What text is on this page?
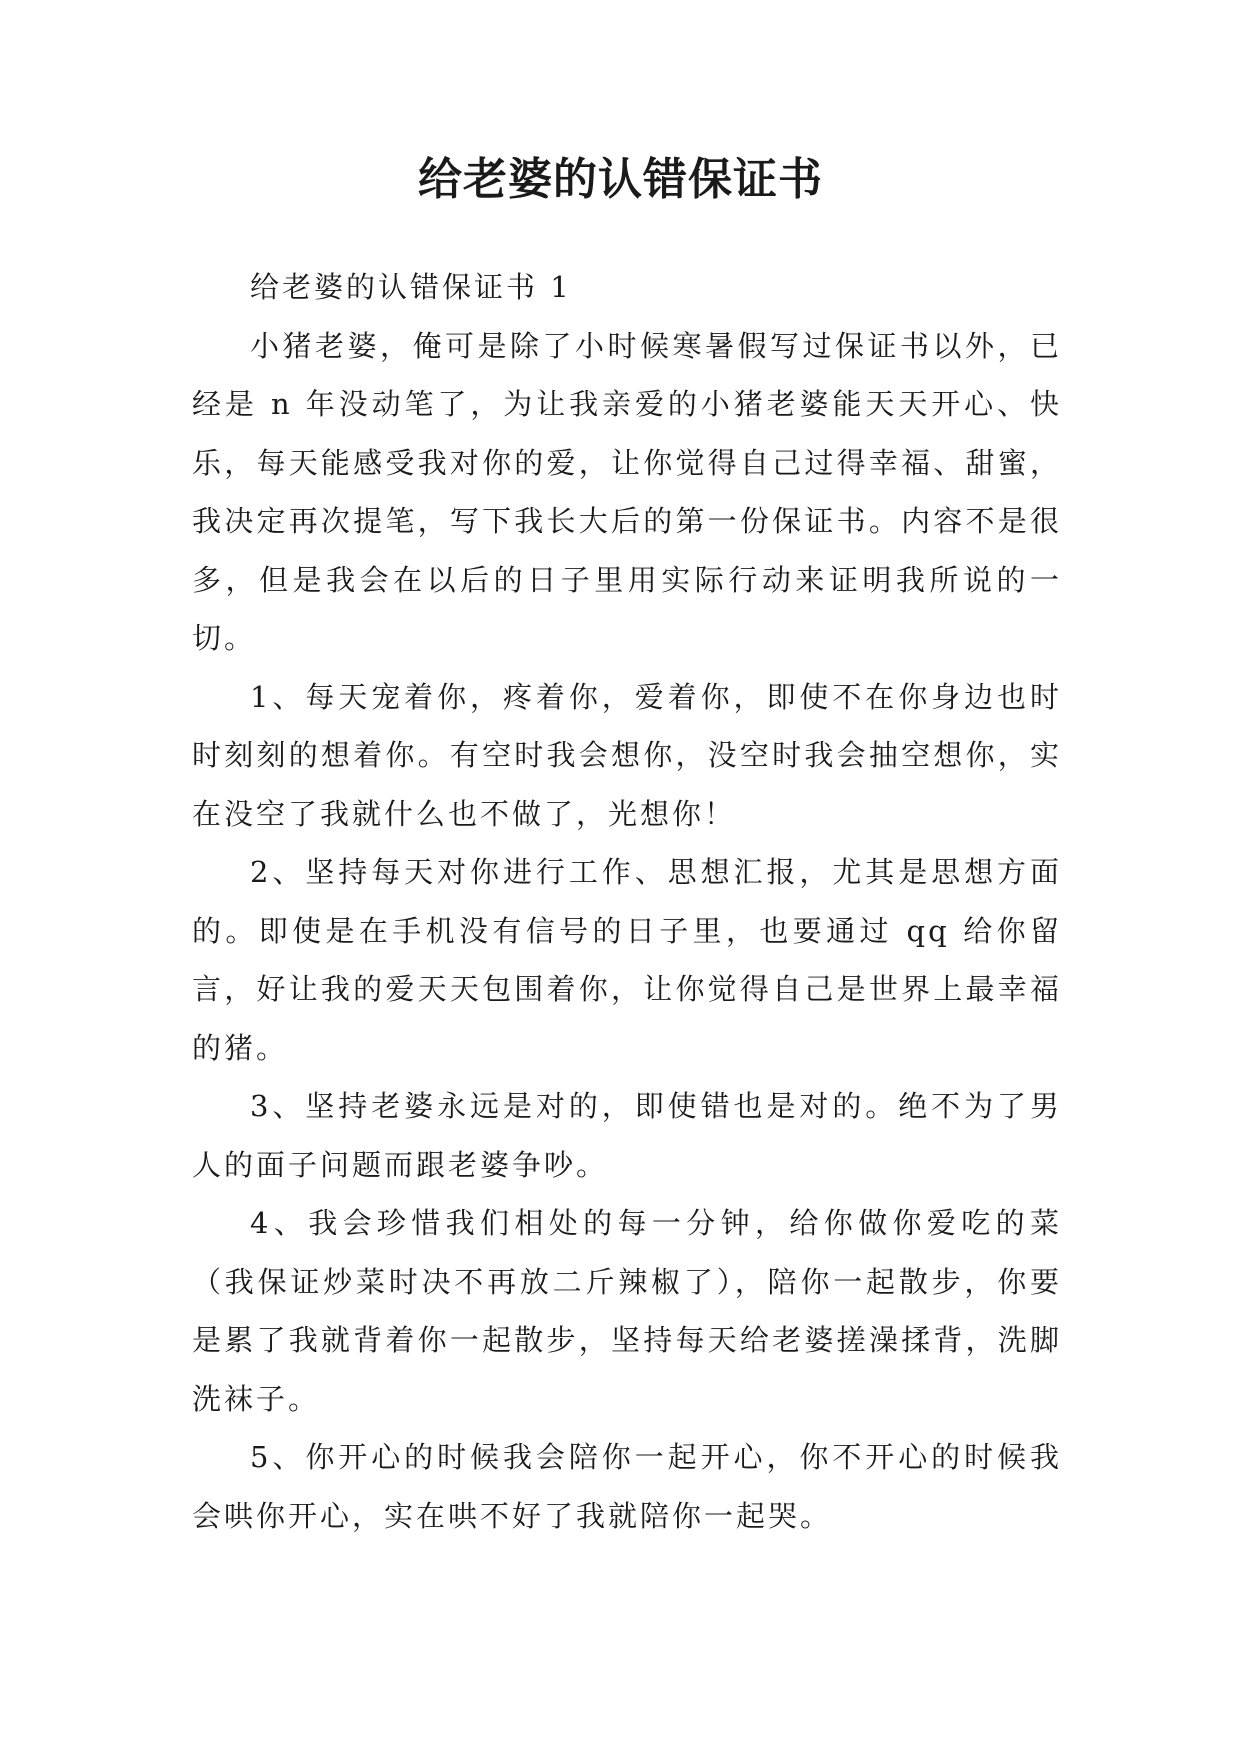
给老婆的认错保证书

给老婆的认错保证书 1

小猪老婆，俺可是除了小时候寒暑假写过保证书以外，已经是 n 年没动笔了，为让我亲爱的小猪老婆能天天开心、快乐，每天能感受我对你的爱，让你觉得自己过得幸福、甜蜜，我决定再次提笔，写下我长大后的第一份保证书。内容不是很多，但是我会在以后的日子里用实际行动来证明我所说的一切。

1、每天宠着你，疼着你，爱着你，即使不在你身边也时时刻刻的想着你。有空时我会想你，没空时我会抽空想你，实在没空了我就什么也不做了，光想你！

2、坚持每天对你进行工作、思想汇报，尤其是思想方面的。即使是在手机没有信号的日子里，也要通过 qq 给你留言，好让我的爱天天包围着你，让你觉得自己是世界上最幸福的猪。

3、坚持老婆永远是对的，即使错也是对的。绝不为了男人的面子问题而跟老婆争吵。

4、我会珍惜我们相处的每一分钟，给你做你爱吃的菜（我保证炒菜时决不再放二斤辣椒了），陪你一起散步，你要是累了我就背着你一起散步，坚持每天给老婆搓澡揉背，洗脚洗袜子。

5、你开心的时候我会陪你一起开心，你不开心的时候我会哄你开心，实在哄不好了我就陪你一起哭。
